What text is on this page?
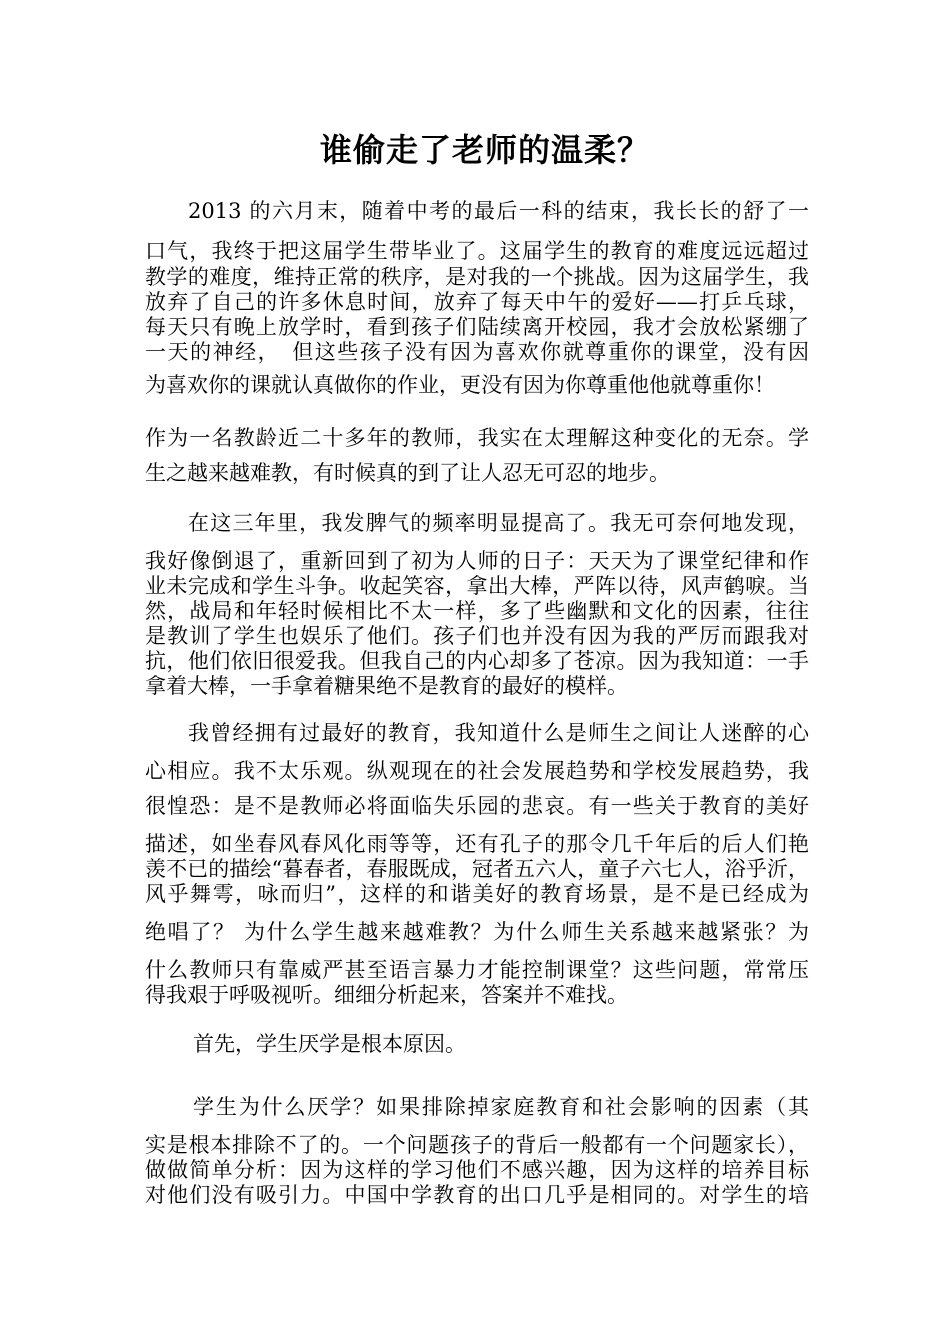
谁偷走了老师的温柔？
2013 的六月末，随着中考的最后一科的结束，我长长的舒了一
口气，我终于把这届学生带毕业了。这届学生的教育的难度远远超过
教学的难度，维持正常的秩序，是对我的一个挑战。因为这届学生，我
放弃了自己的许多休息时间，放弃了每天中午的爱好——打乒乓球，
每天只有晚上放学时，看到孩子们陆续离开校园，我才会放松紧绷了
一天的神经，　但这些孩子没有因为喜欢你就尊重你的课堂，没有因
为喜欢你的课就认真做你的作业，更没有因为你尊重他他就尊重你！
作为一名教龄近二十多年的教师，我实在太理解这种变化的无奈。学
生之越来越难教，有时候真的到了让人忍无可忍的地步。
在这三年里，我发脾气的频率明显提高了。我无可奈何地发现，
我好像倒退了，重新回到了初为人师的日子：天天为了课堂纪律和作
业未完成和学生斗争。收起笑容，拿出大棒，严阵以待，风声鹤唳。当
然，战局和年轻时候相比不太一样，多了些幽默和文化的因素，往往
是教训了学生也娱乐了他们。孩子们也并没有因为我的严厉而跟我对
抗，他们依旧很爱我。但我自己的内心却多了苍凉。因为我知道：一手
拿着大棒，一手拿着糖果绝不是教育的最好的模样。
我曾经拥有过最好的教育，我知道什么是师生之间让人迷醉的心
心相应。我不太乐观。纵观现在的社会发展趋势和学校发展趋势，我
很惶恐：是不是教师必将面临失乐园的悲哀。有一些关于教育的美好
描述，如坐春风春风化雨等等，还有孔子的那令几千年后的后人们艳
羡不已的描绘“暮春者，春服既成，冠者五六人，童子六七人，浴乎沂，
风乎舞雩，咏而归”，这样的和谐美好的教育场景，是不是已经成为
绝唱了？ 为什么学生越来越难教？为什么师生关系越来越紧张？为
什么教师只有靠威严甚至语言暴力才能控制课堂？这些问题，常常压
得我艰于呼吸视听。细细分析起来，答案并不难找。
首先，学生厌学是根本原因。
学生为什么厌学？如果排除掉家庭教育和社会影响的因素（其
实是根本排除不了的。一个问题孩子的背后一般都有一个问题家长），
做做简单分析：因为这样的学习他们不感兴趣，因为这样的培养目标
对他们没有吸引力。中国中学教育的出口几乎是相同的。对学生的培
